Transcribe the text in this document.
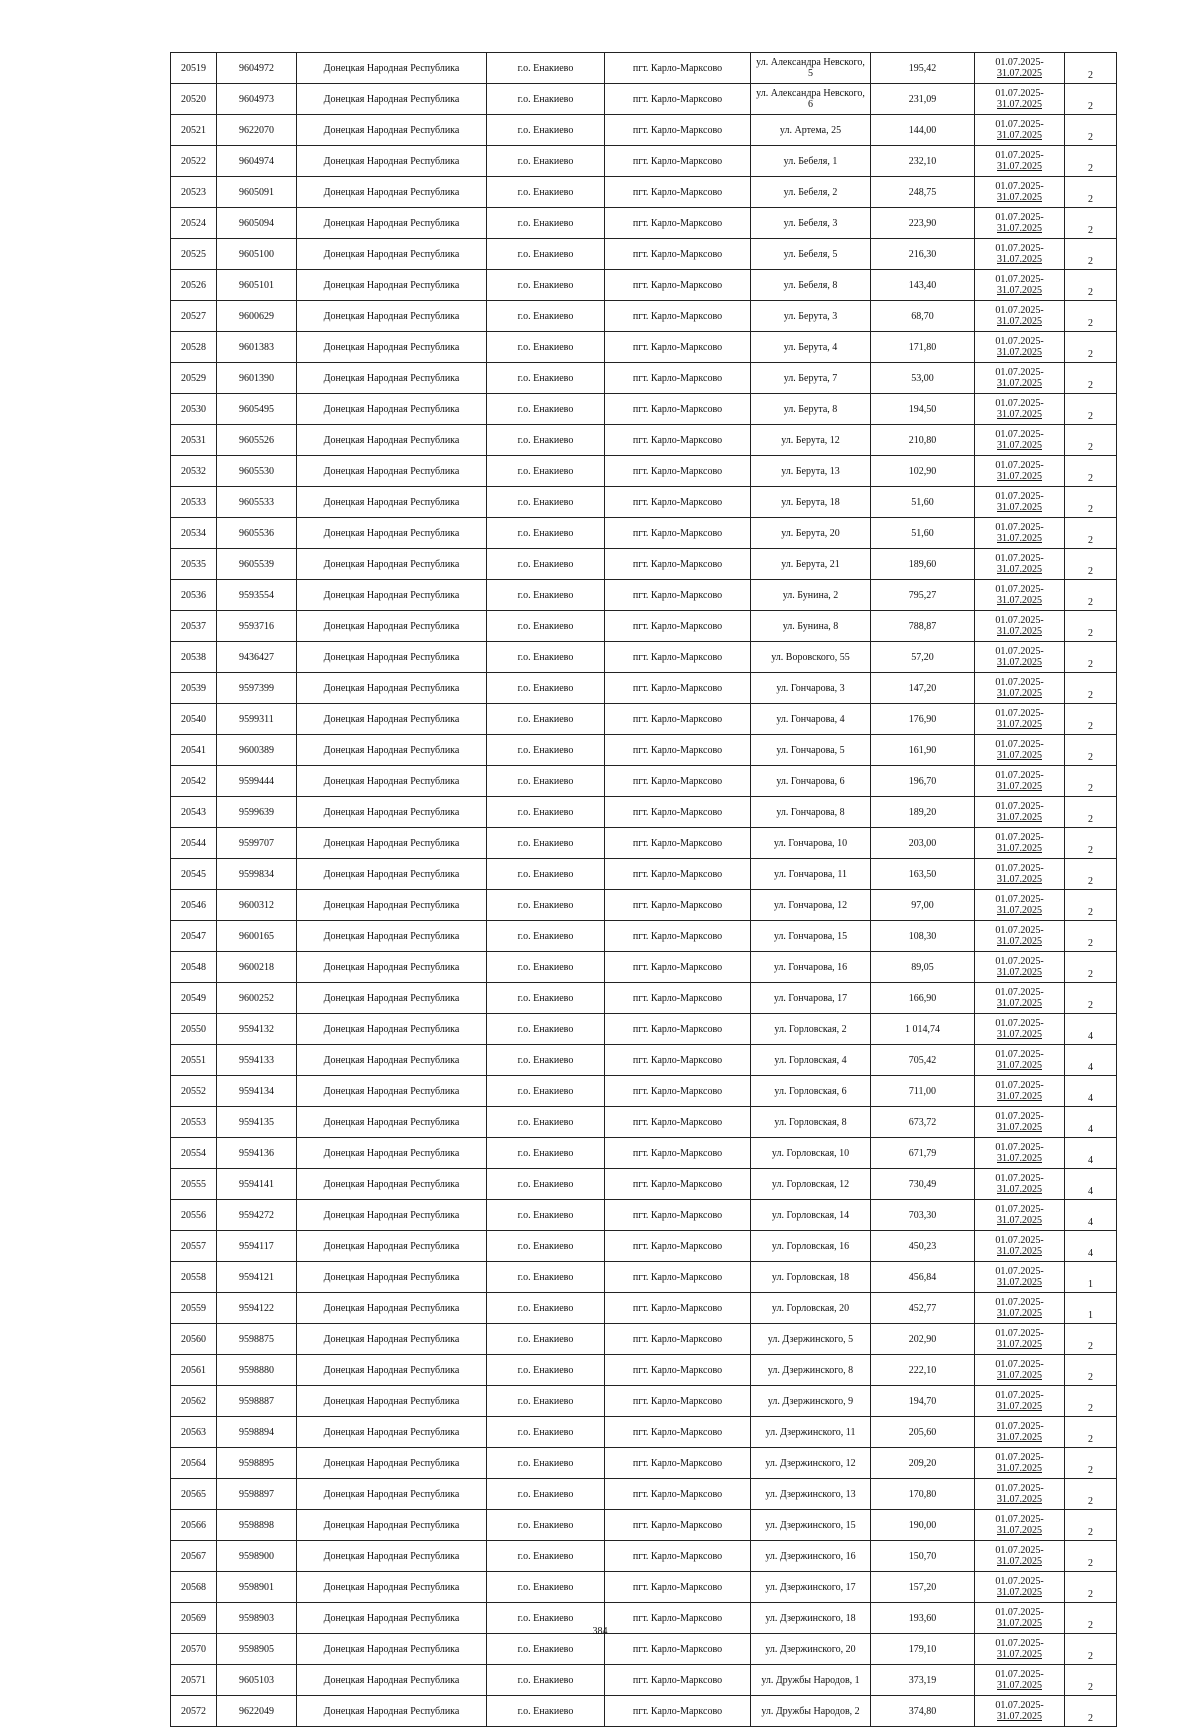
20519	9604972	Донецкая Народная Республика	г.о. Енакиево	пгт. Карло-Марксово	ул. Александра Невского, 5	195,42	01.07.2025-
31.07.2025	2
20520	9604973	Донецкая Народная Республика	г.о. Енакиево	пгт. Карло-Марксово	ул. Александра Невского, 6	231,09	01.07.2025-
31.07.2025	2
20521	9622070	Донецкая Народная Республика	г.о. Енакиево	пгт. Карло-Марксово	ул. Артема, 25	144,00	01.07.2025-
31.07.2025	2
20522	9604974	Донецкая Народная Республика	г.о. Енакиево	пгт. Карло-Марксово	ул. Бебеля, 1	232,10	01.07.2025-
31.07.2025	2
20523	9605091	Донецкая Народная Республика	г.о. Енакиево	пгт. Карло-Марксово	ул. Бебеля, 2	248,75	01.07.2025-
31.07.2025	2
20524	9605094	Донецкая Народная Республика	г.о. Енакиево	пгт. Карло-Марксово	ул. Бебеля, 3	223,90	01.07.2025-
31.07.2025	2
20525	9605100	Донецкая Народная Республика	г.о. Енакиево	пгт. Карло-Марксово	ул. Бебеля, 5	216,30	01.07.2025-
31.07.2025	2
20526	9605101	Донецкая Народная Республика	г.о. Енакиево	пгт. Карло-Марксово	ул. Бебеля, 8	143,40	01.07.2025-
31.07.2025	2
20527	9600629	Донецкая Народная Республика	г.о. Енакиево	пгт. Карло-Марксово	ул. Берута, 3	68,70	01.07.2025-
31.07.2025	2
20528	9601383	Донецкая Народная Республика	г.о. Енакиево	пгт. Карло-Марксово	ул. Берута, 4	171,80	01.07.2025-
31.07.2025	2
20529	9601390	Донецкая Народная Республика	г.о. Енакиево	пгт. Карло-Марксово	ул. Берута, 7	53,00	01.07.2025-
31.07.2025	2
20530	9605495	Донецкая Народная Республика	г.о. Енакиево	пгт. Карло-Марксово	ул. Берута, 8	194,50	01.07.2025-
31.07.2025	2
20531	9605526	Донецкая Народная Республика	г.о. Енакиево	пгт. Карло-Марксово	ул. Берута, 12	210,80	01.07.2025-
31.07.2025	2
20532	9605530	Донецкая Народная Республика	г.о. Енакиево	пгт. Карло-Марксово	ул. Берута, 13	102,90	01.07.2025-
31.07.2025	2
20533	9605533	Донецкая Народная Республика	г.о. Енакиево	пгт. Карло-Марксово	ул. Берута, 18	51,60	01.07.2025-
31.07.2025	2
20534	9605536	Донецкая Народная Республика	г.о. Енакиево	пгт. Карло-Марксово	ул. Берута, 20	51,60	01.07.2025-
31.07.2025	2
20535	9605539	Донецкая Народная Республика	г.о. Енакиево	пгт. Карло-Марксово	ул. Берута, 21	189,60	01.07.2025-
31.07.2025	2
20536	9593554	Донецкая Народная Республика	г.о. Енакиево	пгт. Карло-Марксово	ул. Бунина, 2	795,27	01.07.2025-
31.07.2025	2
20537	9593716	Донецкая Народная Республика	г.о. Енакиево	пгт. Карло-Марксово	ул. Бунина, 8	788,87	01.07.2025-
31.07.2025	2
20538	9436427	Донецкая Народная Республика	г.о. Енакиево	пгт. Карло-Марксово	ул. Воровского, 55	57,20	01.07.2025-
31.07.2025	2
20539	9597399	Донецкая Народная Республика	г.о. Енакиево	пгт. Карло-Марксово	ул. Гончарова, 3	147,20	01.07.2025-
31.07.2025	2
20540	9599311	Донецкая Народная Республика	г.о. Енакиево	пгт. Карло-Марксово	ул. Гончарова, 4	176,90	01.07.2025-
31.07.2025	2
20541	9600389	Донецкая Народная Республика	г.о. Енакиево	пгт. Карло-Марксово	ул. Гончарова, 5	161,90	01.07.2025-
31.07.2025	2
20542	9599444	Донецкая Народная Республика	г.о. Енакиево	пгт. Карло-Марксово	ул. Гончарова, 6	196,70	01.07.2025-
31.07.2025	2
20543	9599639	Донецкая Народная Республика	г.о. Енакиево	пгт. Карло-Марксово	ул. Гончарова, 8	189,20	01.07.2025-
31.07.2025	2
20544	9599707	Донецкая Народная Республика	г.о. Енакиево	пгт. Карло-Марксово	ул. Гончарова, 10	203,00	01.07.2025-
31.07.2025	2
20545	9599834	Донецкая Народная Республика	г.о. Енакиево	пгт. Карло-Марксово	ул. Гончарова, 11	163,50	01.07.2025-
31.07.2025	2
20546	9600312	Донецкая Народная Республика	г.о. Енакиево	пгт. Карло-Марксово	ул. Гончарова, 12	97,00	01.07.2025-
31.07.2025	2
20547	9600165	Донецкая Народная Республика	г.о. Енакиево	пгт. Карло-Марксово	ул. Гончарова, 15	108,30	01.07.2025-
31.07.2025	2
20548	9600218	Донецкая Народная Республика	г.о. Енакиево	пгт. Карло-Марксово	ул. Гончарова, 16	89,05	01.07.2025-
31.07.2025	2
20549	9600252	Донецкая Народная Республика	г.о. Енакиево	пгт. Карло-Марксово	ул. Гончарова, 17	166,90	01.07.2025-
31.07.2025	2
20550	9594132	Донецкая Народная Республика	г.о. Енакиево	пгт. Карло-Марксово	ул. Горловская, 2	1 014,74	01.07.2025-
31.07.2025	4
20551	9594133	Донецкая Народная Республика	г.о. Енакиево	пгт. Карло-Марксово	ул. Горловская, 4	705,42	01.07.2025-
31.07.2025	4
20552	9594134	Донецкая Народная Республика	г.о. Енакиево	пгт. Карло-Марксово	ул. Горловская, 6	711,00	01.07.2025-
31.07.2025	4
20553	9594135	Донецкая Народная Республика	г.о. Енакиево	пгт. Карло-Марксово	ул. Горловская, 8	673,72	01.07.2025-
31.07.2025	4
20554	9594136	Донецкая Народная Республика	г.о. Енакиево	пгт. Карло-Марксово	ул. Горловская, 10	671,79	01.07.2025-
31.07.2025	4
20555	9594141	Донецкая Народная Республика	г.о. Енакиево	пгт. Карло-Марксово	ул. Горловская, 12	730,49	01.07.2025-
31.07.2025	4
20556	9594272	Донецкая Народная Республика	г.о. Енакиево	пгт. Карло-Марксово	ул. Горловская, 14	703,30	01.07.2025-
31.07.2025	4
20557	9594117	Донецкая Народная Республика	г.о. Енакиево	пгт. Карло-Марксово	ул. Горловская, 16	450,23	01.07.2025-
31.07.2025	4
20558	9594121	Донецкая Народная Республика	г.о. Енакиево	пгт. Карло-Марксово	ул. Горловская, 18	456,84	01.07.2025-
31.07.2025	1
20559	9594122	Донецкая Народная Республика	г.о. Енакиево	пгт. Карло-Марксово	ул. Горловская, 20	452,77	01.07.2025-
31.07.2025	1
20560	9598875	Донецкая Народная Республика	г.о. Енакиево	пгт. Карло-Марксово	ул. Дзержинского, 5	202,90	01.07.2025-
31.07.2025	2
20561	9598880	Донецкая Народная Республика	г.о. Енакиево	пгт. Карло-Марксово	ул. Дзержинского, 8	222,10	01.07.2025-
31.07.2025	2
20562	9598887	Донецкая Народная Республика	г.о. Енакиево	пгт. Карло-Марксово	ул. Дзержинского, 9	194,70	01.07.2025-
31.07.2025	2
20563	9598894	Донецкая Народная Республика	г.о. Енакиево	пгт. Карло-Марксово	ул. Дзержинского, 11	205,60	01.07.2025-
31.07.2025	2
20564	9598895	Донецкая Народная Республика	г.о. Енакиево	пгт. Карло-Марксово	ул. Дзержинского, 12	209,20	01.07.2025-
31.07.2025	2
20565	9598897	Донецкая Народная Республика	г.о. Енакиево	пгт. Карло-Марксово	ул. Дзержинского, 13	170,80	01.07.2025-
31.07.2025	2
20566	9598898	Донецкая Народная Республика	г.о. Енакиево	пгт. Карло-Марксово	ул. Дзержинского, 15	190,00	01.07.2025-
31.07.2025	2
20567	9598900	Донецкая Народная Республика	г.о. Енакиево	пгт. Карло-Марксово	ул. Дзержинского, 16	150,70	01.07.2025-
31.07.2025	2
20568	9598901	Донецкая Народная Республика	г.о. Енакиево	пгт. Карло-Марксово	ул. Дзержинского, 17	157,20	01.07.2025-
31.07.2025	2
20569	9598903	Донецкая Народная Республика	г.о. Енакиево	пгт. Карло-Марксово	ул. Дзержинского, 18	193,60	01.07.2025-
31.07.2025	2
20570	9598905	Донецкая Народная Республика	г.о. Енакиево	пгт. Карло-Марксово	ул. Дзержинского, 20	179,10	01.07.2025-
31.07.2025	2
20571	9605103	Донецкая Народная Республика	г.о. Енакиево	пгт. Карло-Марксово	ул. Дружбы Народов, 1	373,19	01.07.2025-
31.07.2025	2
20572	9622049	Донецкая Народная Республика	г.о. Енакиево	пгт. Карло-Марксово	ул. Дружбы Народов, 2	374,80	01.07.2025-
31.07.2025	2
384
